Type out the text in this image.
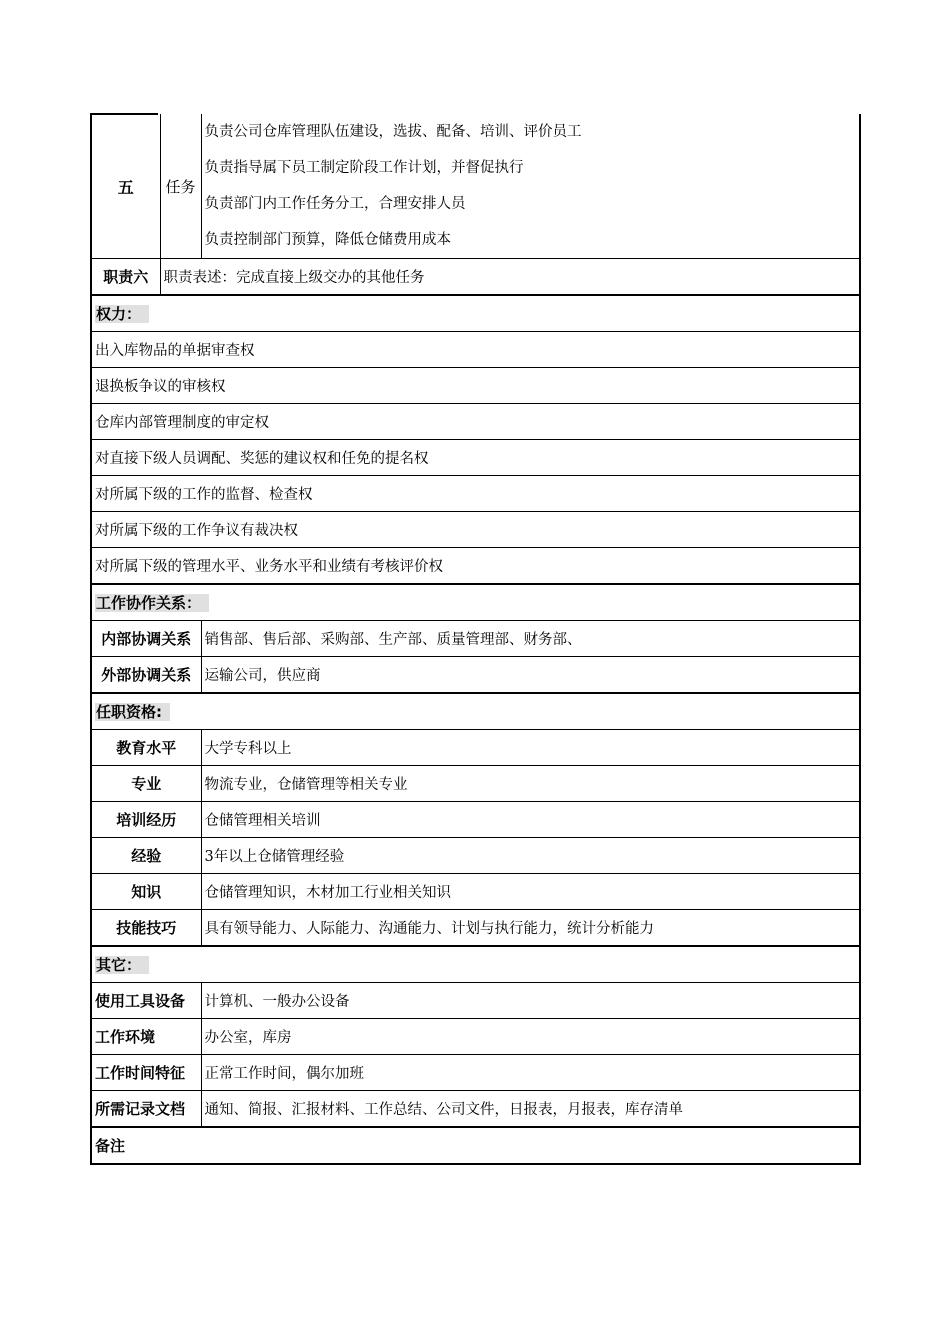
五	任务	负责公司仓库管理队伍建设，选拔、配备、培训、评价员工
负责指导属下员工制定阶段工作计划，并督促执行
负责部门内工作任务分工，合理安排人员
负责控制部门预算，降低仓储费用成本

职责六	职责表述：完成直接上级交办的其他任务	
权力：		
出入库物品的单据审查权		
退换板争议的审核权		
仓库内部管理制度的审定权		
对直接下级人员调配、奖惩的建议权和任免的提名权		
对所属下级的工作的监督、检查权		
对所属下级的工作争议有裁决权		
对所属下级的管理水平、业务水平和业绩有考核评价权		
工作协作关系：		
内部协调关系		销售部、售后部、采购部、生产部、质量管理部、财务部、
外部协调关系		运输公司，供应商
任职资格:		
教育水平		大学专科以上
专业		物流专业，仓储管理等相关专业
培训经历		仓储管理相关培训
经验		3年以上仓储管理经验
知识		仓储管理知识，木材加工行业相关知识
技能技巧		具有领导能力、人际能力、沟通能力、计划与执行能力，统计分析能力
其它：		
使用工具设备		计算机、一般办公设备
工作环境		办公室，库房
工作时间特征		正常工作时间，偶尔加班
所需记录文档		通知、简报、汇报材料、工作总结、公司文件，日报表，月报表，库存清单
备注		
